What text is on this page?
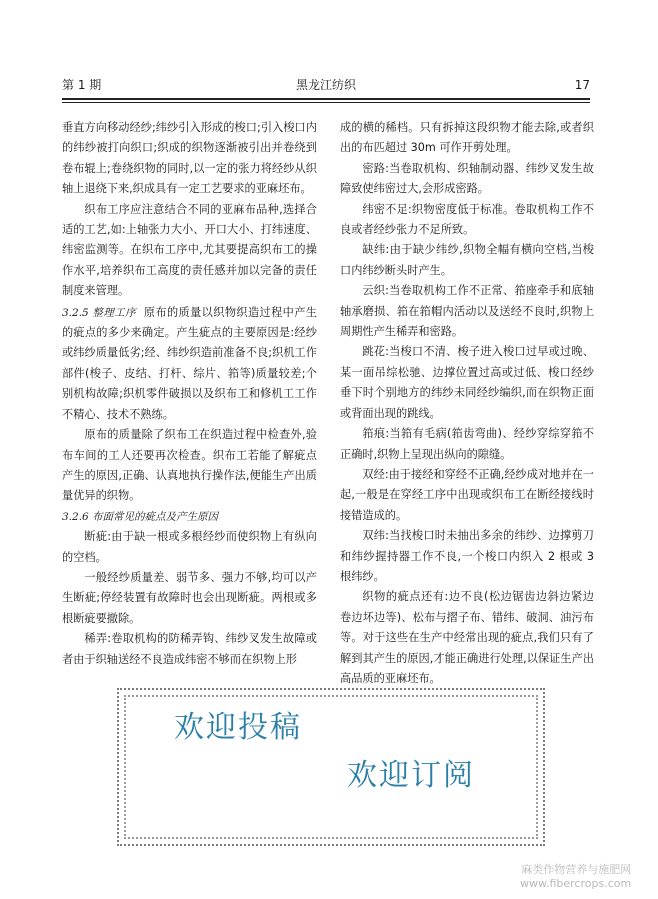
第 1 期	黑龙江纺织	17

垂直方向移动经纱;纬纱引入形成的梭口;引入梭口内的纬纱被打向织口;织成的织物逐渐被引出并卷绕到卷布辊上;卷绕织物的同时,以一定的张力将经纱从织轴上退绕下来,织成具有一定工艺要求的亚麻坯布。

织布工序应注意结合不同的亚麻布品种,选择合适的工艺,如:上轴张力大小、开口大小、打纬速度、纬密监测等。在织布工序中,尤其要提高织布工的操作水平,培养织布工高度的责任感并加以完备的责任制度来管理。

3.2.5 整理工序 原布的质量以织物织造过程中产生的疵点的多少来确定。产生疵点的主要原因是:经纱或纬纱质量低劣;经、纬纱织造前准备不良;织机工作部件(梭子、皮结、打杆、综片、筘等)质量较差;个别机构故障;织机零件破损以及织布工和修机工工作不精心、技术不熟练。

原布的质量除了织布工在织造过程中检查外,验布车间的工人还要再次检查。织布工若能了解疵点产生的原因,正确、认真地执行操作法,便能生产出质量优异的织物。

3.2.6 布面常见的疵点及产生原因

断疵:由于缺一根或多根经纱而使织物上有纵向的空档。

一般经纱质量差、弱节多、强力不够,均可以产生断疵;停经装置有故障时也会出现断疵。两根或多根断疵要撤除。

稀弄:卷取机构的防稀弄钩、纬纱叉发生故障或者由于织轴送经不良造成纬密不够而在织物上形

成的横的稀档。只有拆掉这段织物才能去除,或者织出的布匹超过 30m 可作开剪处理。

密路:当卷取机构、织轴制动器、纬纱叉发生故障致使纬密过大,会形成密路。

纬密不足:织物密度低于标准。卷取机构工作不良或者经纱张力不足所致。

缺纬:由于缺少纬纱,织物全幅有横向空档,当梭口内纬纱断头时产生。

云织:当卷取机构工作不正常、筘座牵手和底轴轴承磨损、筘在筘帽内活动以及送经不良时,织物上周期性产生稀弄和密路。

跳花:当梭口不清、梭子进入梭口过早或过晚、某一面吊综松驰、边撑位置过高或过低、梭口经纱垂下时个别地方的纬纱未同经纱编织,而在织物正面或背面出现的跳线。

筘痕:当筘有毛病(筘齿弯曲)、经纱穿综穿筘不正确时,织物上呈现出纵向的隙缝。

双经:由于接经和穿经不正确,经纱成对地并在一起,一般是在穿经工序中出现或织布工在断经接线时接错造成的。

双纬:当找梭口时未抽出多余的纬纱、边撑剪刀和纬纱握持器工作不良,一个梭口内织入 2 根或 3 根纬纱。

织物的疵点还有:边不良(松边锯齿边斜边紧边卷边坏边等)、松布与摺子布、错纬、破洞、油污布等。对于这些在生产中经常出现的疵点,我们只有了解到其产生的原因,才能正确进行处理,以保证生产出高品质的亚麻坯布。

欢迎投稿
欢迎订阅
麻类作物营养与施肥网
www.fibercrops.com
